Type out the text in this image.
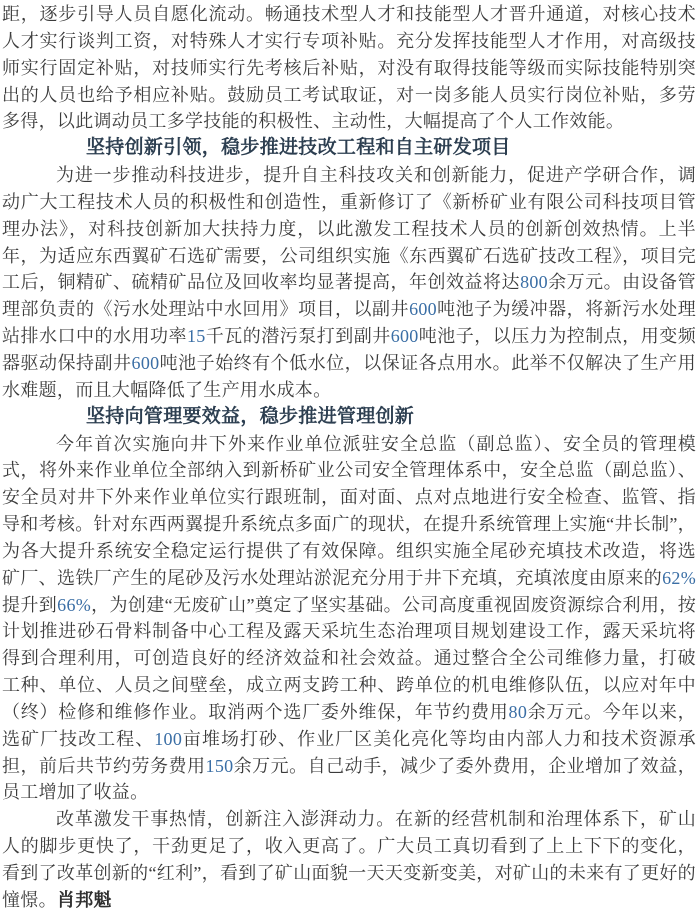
距，逐步引导人员自愿化流动。畅通技术型人才和技能型人才晋升通道，对核心技术人才实行谈判工资，对特殊人才实行专项补贴。充分发挥技能型人才作用，对高级技师实行固定补贴，对技师实行先考核后补贴，对没有取得技能等级而实际技能特别突出的人员也给予相应补贴。鼓励员工考试取证，对一岗多能人员实行岗位补贴，多劳多得，以此调动员工多学技能的积极性、主动性，大幅提高了个人工作效能。

坚持创新引领，稳步推进技改工程和自主研发项目

为进一步推动科技进步，提升自主科技攻关和创新能力，促进产学研合作，调动广大工程技术人员的积极性和创造性，重新修订了《新桥矿业有限公司科技项目管理办法》，对科技创新加大扶持力度，以此激发工程技术人员的创新创效热情。上半年，为适应东西翼矿石选矿需要，公司组织实施《东西翼矿石选矿技改工程》，项目完工后，铜精矿、硫精矿品位及回收率均显著提高，年创效益将达800余万元。由设备管理部负责的《污水处理站中水回用》项目，以副井600吨池子为缓冲器，将新污水处理站排水口中的水用功率15千瓦的潜污泵打到副井600吨池子，以压力为控制点，用变频器驱动保持副井600吨池子始终有个低水位，以保证各点用水。此举不仅解决了生产用水难题，而且大幅降低了生产用水成本。

坚持向管理要效益，稳步推进管理创新

今年首次实施向井下外来作业单位派驻安全总监（副总监）、安全员的管理模式，将外来作业单位全部纳入到新桥矿业公司安全管理体系中，安全总监（副总监）、安全员对井下外来作业单位实行跟班制，面对面、点对点地进行安全检查、监管、指导和考核。针对东西两翼提升系统点多面广的现状，在提升系统管理上实施“井长制”，为各大提升系统安全稳定运行提供了有效保障。组织实施全尾砂充填技术改造，将选矿厂、选铁厂产生的尾砂及污水处理站淤泥充分用于井下充填，充填浓度由原来的62%提升到66%，为创建“无废矿山”奠定了坚实基础。公司高度重视固废资源综合利用，按计划推进砂石骨料制备中心工程及露天采坑生态治理项目规划建设工作，露天采坑将得到合理利用，可创造良好的经济效益和社会效益。通过整合全公司维修力量，打破工种、单位、人员之间壁垒，成立两支跨工种、跨单位的机电维修队伍，以应对年中（终）检修和维修作业。取消两个选厂委外维保，年节约费用80余万元。今年以来，选矿厂技改工程、100亩堆场打砂、作业厂区美化亮化等均由内部人力和技术资源承担，前后共节约劳务费用150余万元。自己动手，减少了委外费用，企业增加了效益，员工增加了收益。

改革激发干事热情，创新注入澎湃动力。在新的经营机制和治理体系下，矿山人的脚步更快了，干劲更足了，收入更高了。广大员工真切看到了上上下下的变化，看到了改革创新的“红利”，看到了矿山面貌一天天变新变美，对矿山的未来有了更好的憧憬。肖邦魁
